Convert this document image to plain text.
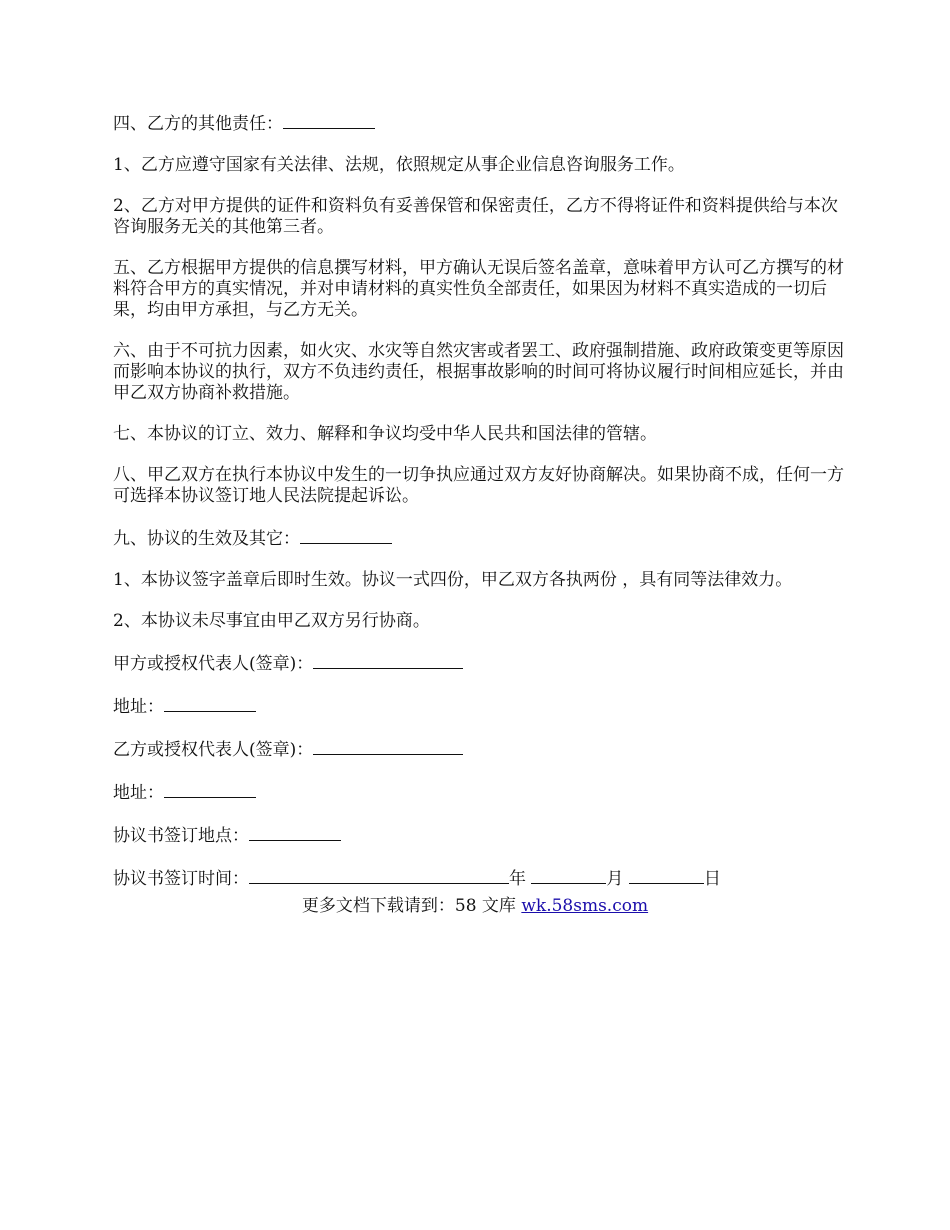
四、乙方的其他责任：

1、乙方应遵守国家有关法律、法规，依照规定从事企业信息咨询服务工作。

2、乙方对甲方提供的证件和资料负有妥善保管和保密责任，乙方不得将证件和资料提供给与本次咨询服务无关的其他第三者。

五、乙方根据甲方提供的信息撰写材料，甲方确认无误后签名盖章，意味着甲方认可乙方撰写的材料符合甲方的真实情况，并对申请材料的真实性负全部责任，如果因为材料不真实造成的一切后果，均由甲方承担，与乙方无关。

六、由于不可抗力因素，如火灾、水灾等自然灾害或者罢工、政府强制措施、政府政策变更等原因而影响本协议的执行，双方不负违约责任，根据事故影响的时间可将协议履行时间相应延长，并由甲乙双方协商补救措施。

七、本协议的订立、效力、解释和争议均受中华人民共和国法律的管辖。

八、甲乙双方在执行本协议中发生的一切争执应通过双方友好协商解决。如果协商不成，任何一方可选择本协议签订地人民法院提起诉讼。

九、协议的生效及其它：

1、本协议签字盖章后即时生效。协议一式四份，甲乙双方各执两份 ，具有同等法律效力。

2、本协议未尽事宜由甲乙双方另行协商。

甲方或授权代表人(签章)：

地址：

乙方或授权代表人(签章)：

地址：

协议书签订地点：

协议书签订时间：	年	月	日

更多文档下载请到：58 文库 wk.58sms.com
